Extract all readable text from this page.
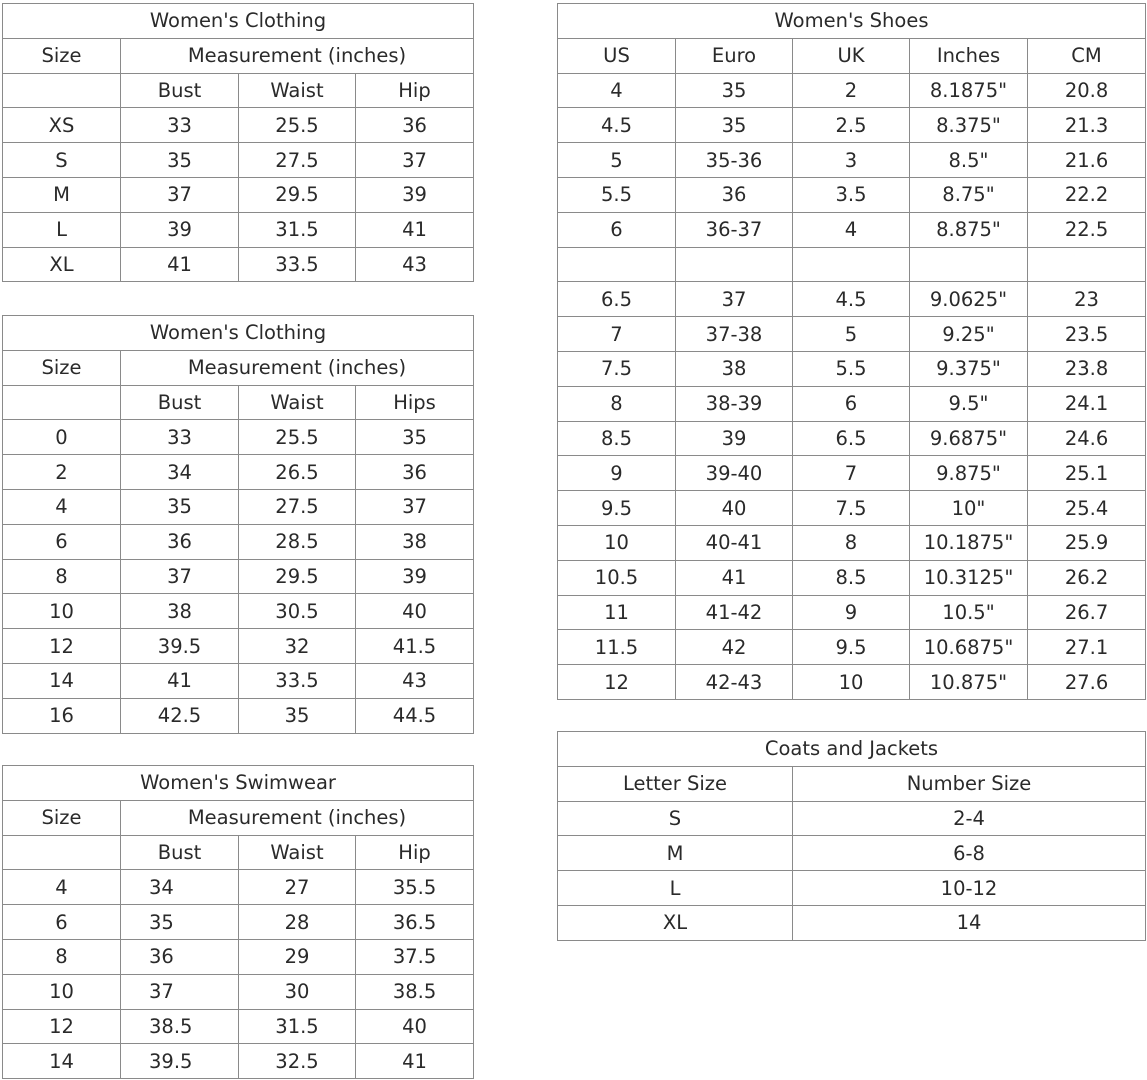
Women's Clothing			
Size	Measurement (inches)		
	Bust	Waist	Hip
XS	33	25.5	36
S	35	27.5	37
M	37	29.5	39
L	39	31.5	41
XL	41	33.5	43
Women's Clothing			
Size	Measurement (inches)		
	Bust	Waist	Hips
0	33	25.5	35
2	34	26.5	36
4	35	27.5	37
6	36	28.5	38
8	37	29.5	39
10	38	30.5	40
12	39.5	32	41.5
14	41	33.5	43
16	42.5	35	44.5
Women's Swimwear			
Size	Measurement (inches)		
	Bust	Waist	Hip
4	34	27	35.5
6	35	28	36.5
8	36	29	37.5
10	37	30	38.5
12	38.5	31.5	40
14	39.5	32.5	41
Women's Shoes				
US	Euro	UK	Inches	CM
4	35	2	8.1875"	20.8
4.5	35	2.5	8.375"	21.3
5	35-36	3	8.5"	21.6
5.5	36	3.5	8.75"	22.2
6	36-37	4	8.875"	22.5

6.5	37	4.5	9.0625"	23
7	37-38	5	9.25"	23.5
7.5	38	5.5	9.375"	23.8
8	38-39	6	9.5"	24.1
8.5	39	6.5	9.6875"	24.6
9	39-40	7	9.875"	25.1
9.5	40	7.5	10"	25.4
10	40-41	8	10.1875"	25.9
10.5	41	8.5	10.3125"	26.2
11	41-42	9	10.5"	26.7
11.5	42	9.5	10.6875"	27.1
12	42-43	10	10.875"	27.6
Coats and Jackets	
Letter Size	Number Size
S	2-4
M	6-8
L	10-12
XL	14
